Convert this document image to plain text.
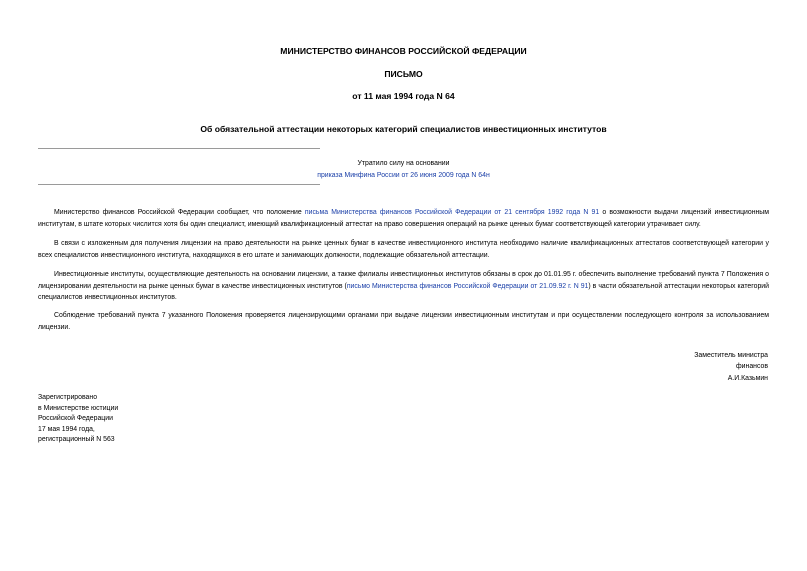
МИНИСТЕРСТВО ФИНАНСОВ РОССИЙСКОЙ ФЕДЕРАЦИИ
ПИСЬМО
от 11 мая 1994 года N 64
Об обязательной аттестации некоторых категорий специалистов инвестиционных институтов
Утратило силу на основании
приказа Минфина России от 26 июня 2009 года N 64н
Министерство финансов Российской Федерации сообщает, что положение письма Министерства финансов Российской Федерации от 21 сентября 1992 года N 91 о возможности выдачи лицензий инвестиционным институтам, в штате которых числится хотя бы один специалист, имеющий квалификационный аттестат на право совершения операций на рынке ценных бумаг соответствующей категории утрачивает силу.
В связи с изложенным для получения лицензии на право деятельности на рынке ценных бумаг в качестве инвестиционного института необходимо наличие квалификационных аттестатов соответствующей категории у всех специалистов инвестиционного института, находящихся в его штате и занимающих должности, подлежащие обязательной аттестации.
Инвестиционные институты, осуществляющие деятельность на основании лицензии, а также филиалы инвестиционных институтов обязаны в срок до 01.01.95 г. обеспечить выполнение требований пункта 7 Положения о лицензировании деятельности на рынке ценных бумаг в качестве инвестиционных институтов (письмо Министерства финансов Российской Федерации от 21.09.92 г. N 91) в части обязательной аттестации некоторых категорий специалистов инвестиционных институтов.
Соблюдение требований пункта 7 указанного Положения проверяется лицензирующими органами при выдаче лицензии инвестиционным институтам и при осуществлении последующего контроля за использованием лицензии.
Заместитель министра
финансов
А.И.Казьмин
Зарегистрировано
в Министерстве юстиции
Российской Федерации
17 мая 1994 года,
регистрационный N 563
